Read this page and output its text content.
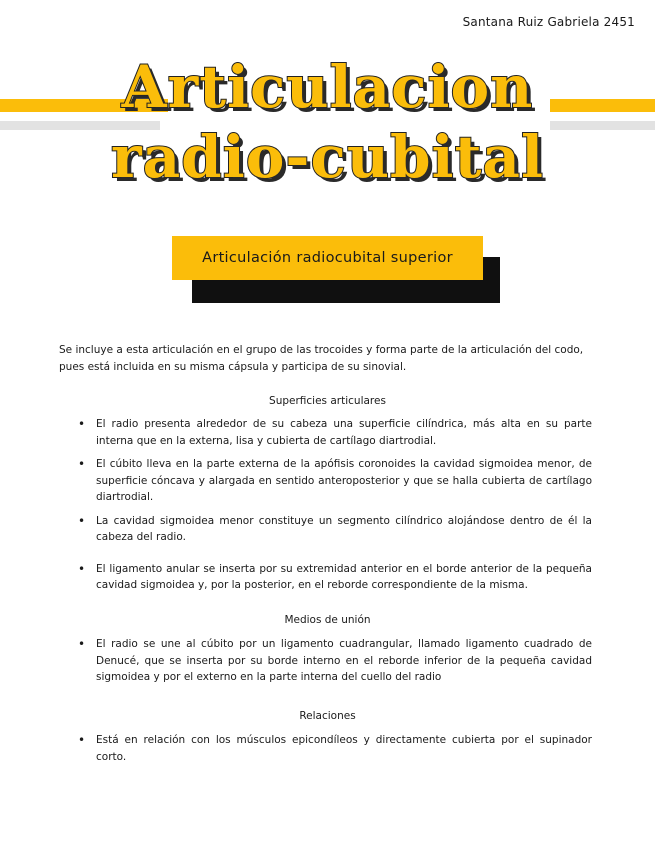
Santana Ruiz Gabriela 2451
Articulacion
radio-cubital
Articulación radiocubital superior

Se incluye a esta articulación en el grupo de las trocoides y forma parte de la articulación del codo, pues está incluida en su misma cápsula y participa de su sinovial.

Superficies articulares

• El radio presenta alrededor de su cabeza una superficie cilíndrica, más alta en su parte interna que en la externa, lisa y cubierta de cartílago diartrodial.
• El cúbito lleva en la parte externa de la apófisis coronoides la cavidad sigmoidea menor, de superficie cóncava y alargada en sentido anteroposterior y que se halla cubierta de cartílago diartrodial.
• La cavidad sigmoidea menor constituye un segmento cilíndrico alojándose dentro de él la cabeza del radio.
• El ligamento anular se inserta por su extremidad anterior en el borde anterior de la pequeña cavidad sigmoidea y, por la posterior, en el reborde correspondiente de la misma.

Medios de unión

• El radio se une al cúbito por un ligamento cuadrangular, llamado ligamento cuadrado de Denucé, que se inserta por su borde interno en el reborde inferior de la pequeña cavidad sigmoidea y por el externo en la parte interna del cuello del radio

Relaciones

• Está en relación con los músculos epicondíleos y directamente cubierta por el supinador corto.
